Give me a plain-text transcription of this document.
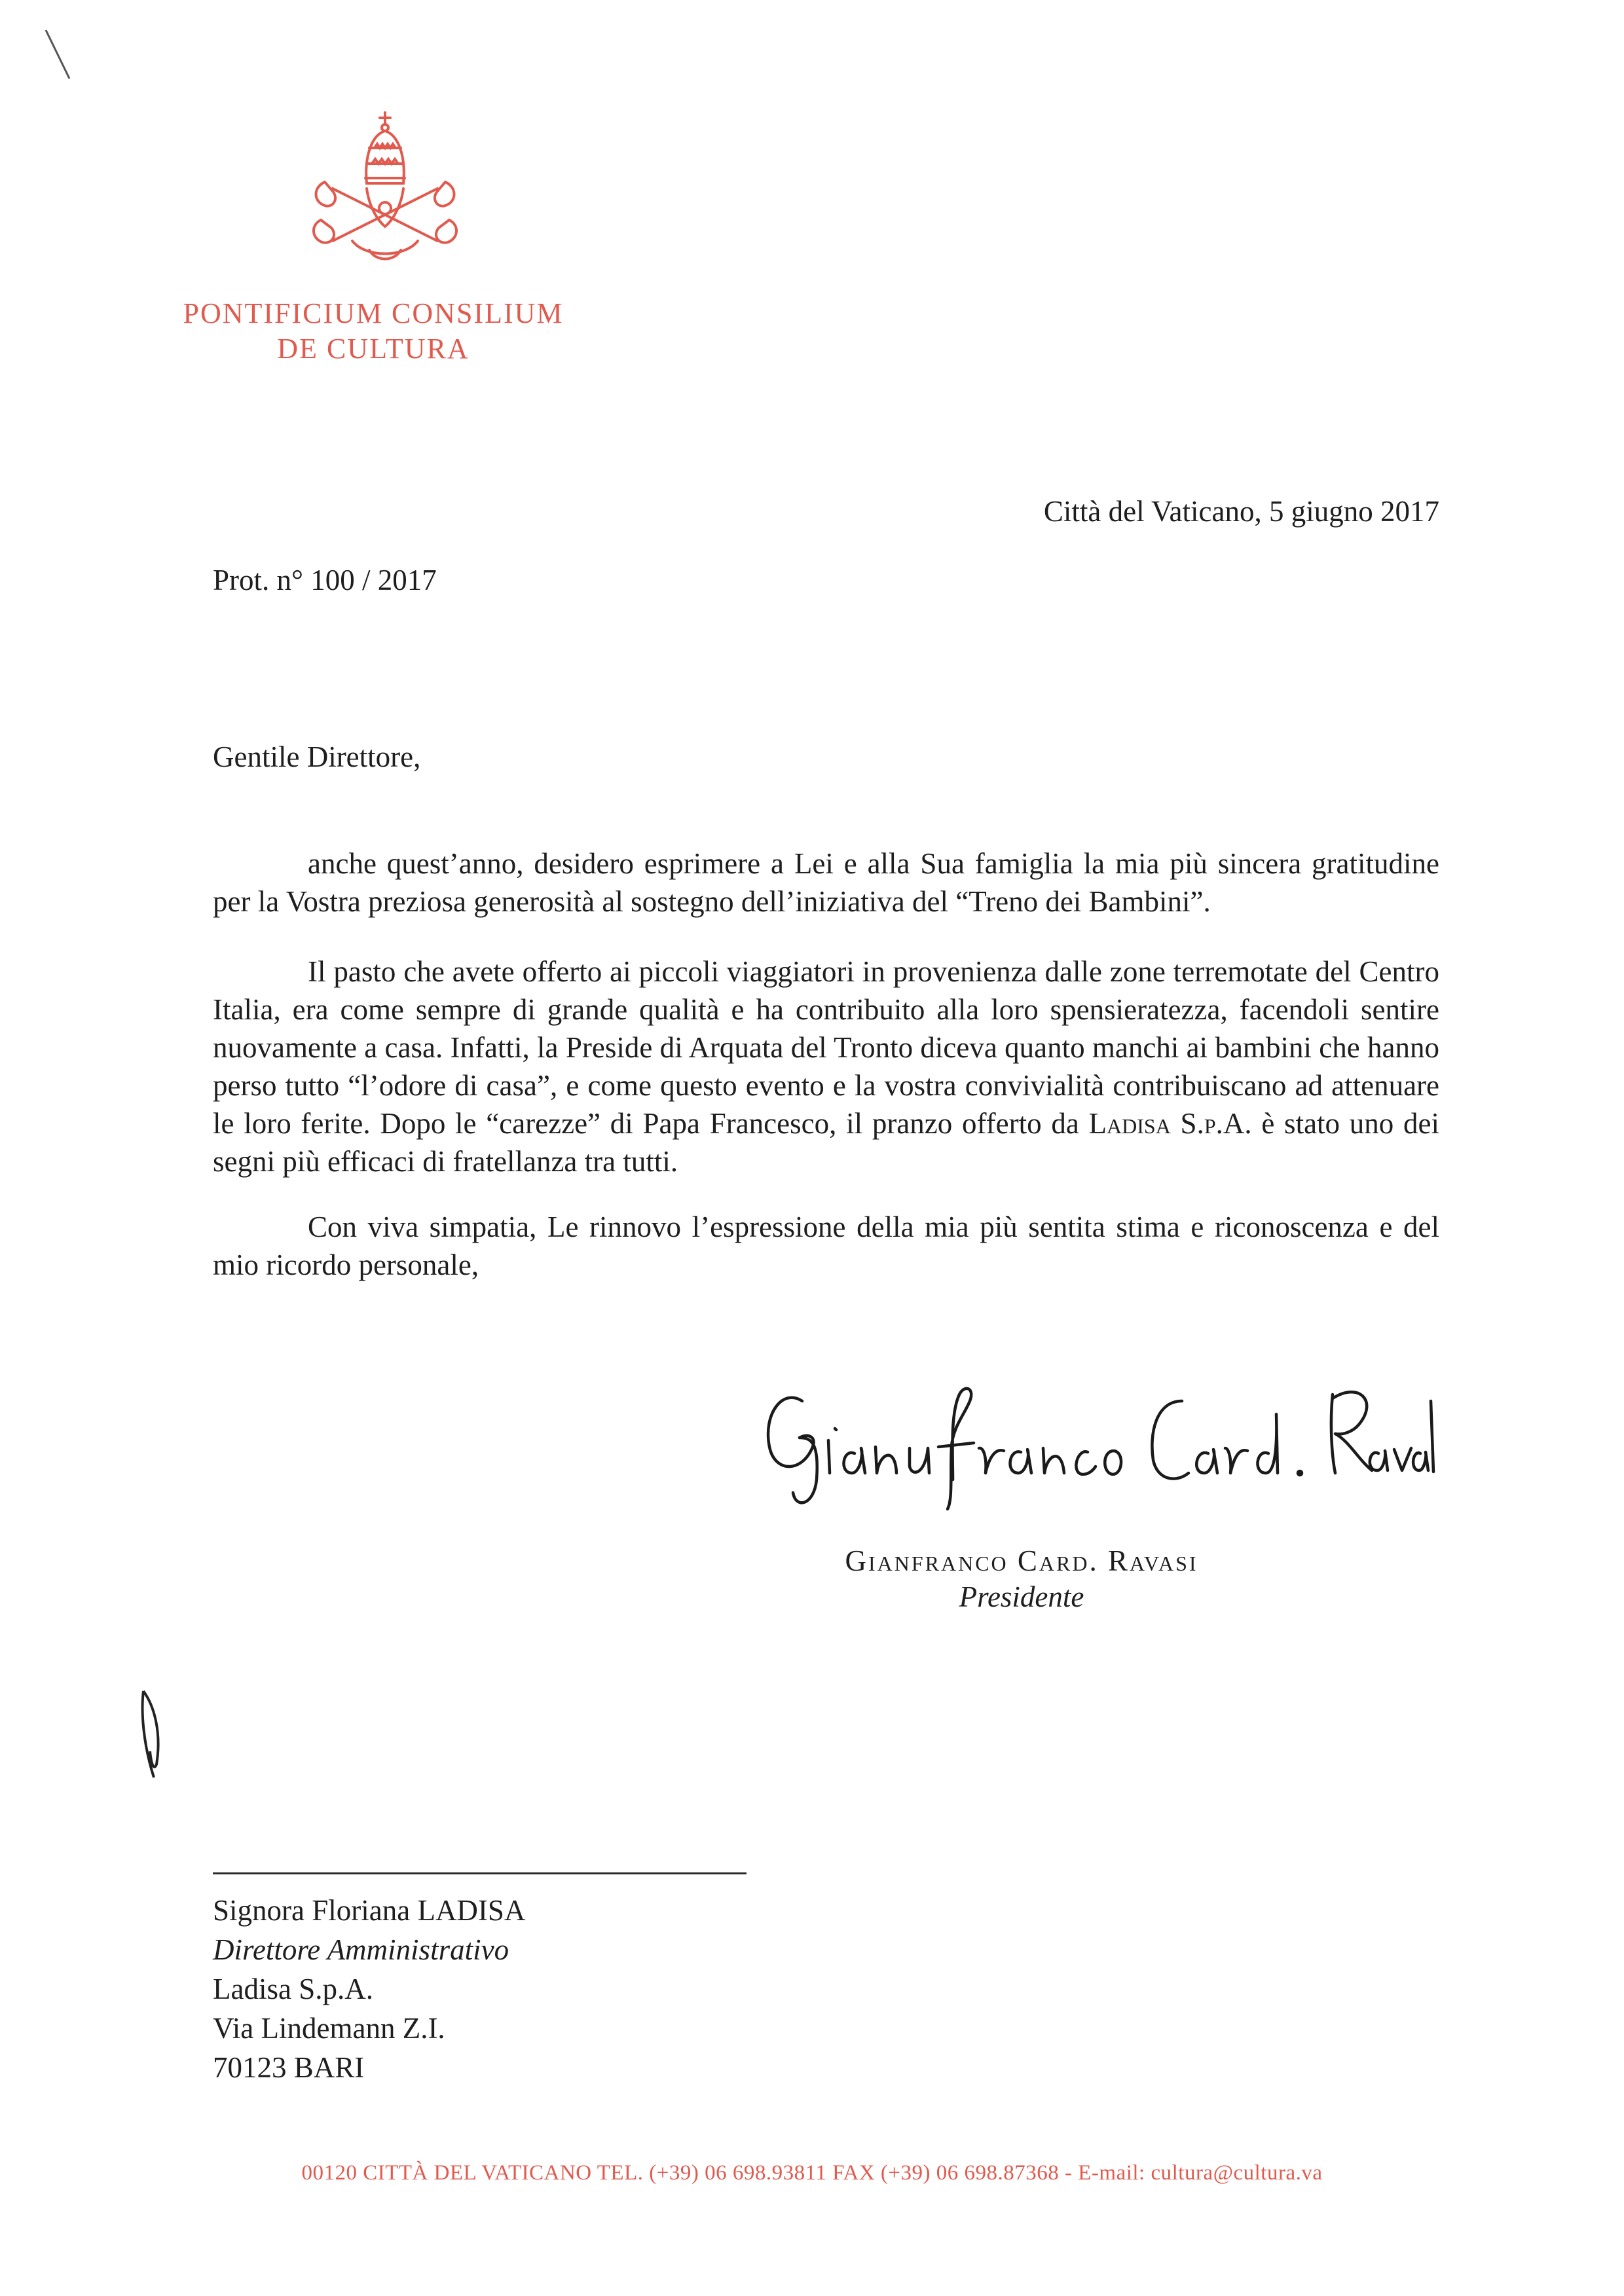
PONTIFICIUM CONSILIUM
DE CULTURA

Città del Vaticano, 5 giugno 2017

Prot. n° 100 / 2017

Gentile Direttore,

anche quest’anno, desidero esprimere a Lei e alla Sua famiglia la mia più sincera gratitudine per la Vostra preziosa generosità al sostegno dell’iniziativa del “Treno dei Bambini”.

Il pasto che avete offerto ai piccoli viaggiatori in provenienza dalle zone terremotate del Centro Italia, era come sempre di grande qualità e ha contribuito alla loro spensieratezza, facendoli sentire nuovamente a casa. Infatti, la Preside di Arquata del Tronto diceva quanto manchi ai bambini che hanno perso tutto “l’odore di casa”, e come questo evento e la vostra convivialità contribuiscano ad attenuare le loro ferite. Dopo le “carezze” di Papa Francesco, il pranzo offerto da Ladisa S.p.A. è stato uno dei segni più efficaci di fratellanza tra tutti.

Con viva simpatia, Le rinnovo l’espressione della mia più sentita stima e riconoscenza e del mio ricordo personale,

Gianfranco Card. Ravasi
Presidente
Signora Floriana LADISA
Direttore Amministrativo
Ladisa S.p.A.
Via Lindemann Z.I.
70123 BARI
00120 CITTÀ DEL VATICANO TEL. (+39) 06 698.93811 FAX (+39) 06 698.87368 - E-mail: cultura@cultura.va
